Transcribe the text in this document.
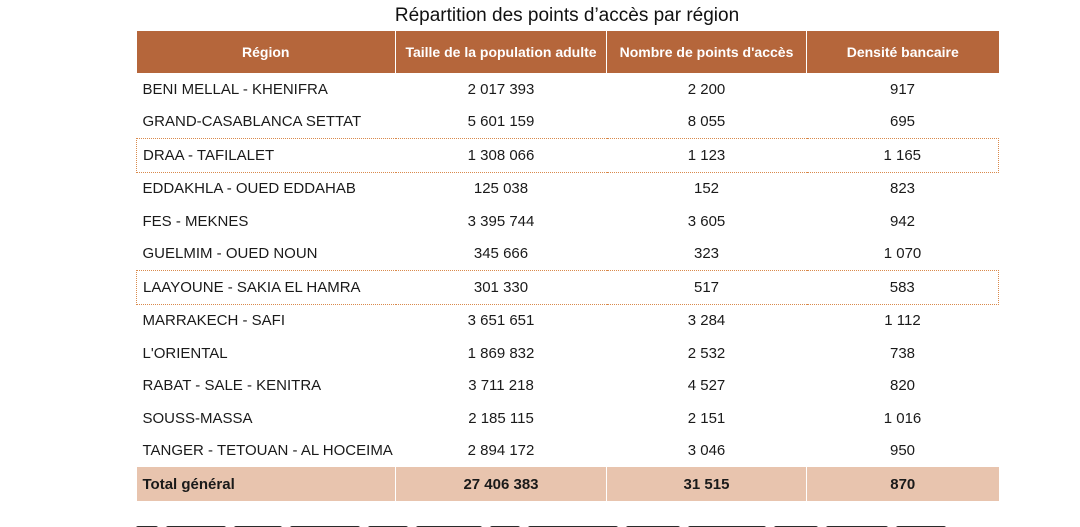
Répartition des points d’accès par région
Région	Taille de la population adulte	Nombre de points d'accès	Densité bancaire
BENI MELLAL - KHENIFRA	2 017 393	2 200	917
GRAND-CASABLANCA SETTAT	5 601 159	8 055	695
DRAA - TAFILALET	1 308 066	1 123	1 165
EDDAKHLA - OUED EDDAHAB	125 038	152	823
FES - MEKNES	3 395 744	3 605	942
GUELMIM - OUED NOUN	345 666	323	1 070
LAAYOUNE - SAKIA EL HAMRA	301 330	517	583
MARRAKECH - SAFI	3 651 651	3 284	1 112
L'ORIENTAL	1 869 832	2 532	738
RABAT - SALE - KENITRA	3 711 218	4 527	820
SOUSS-MASSA	2 185 115	2 151	1 016
TANGER - TETOUAN - AL HOCEIMA	2 894 172	3 046	950
Total général	27 406 383	31 515	870
